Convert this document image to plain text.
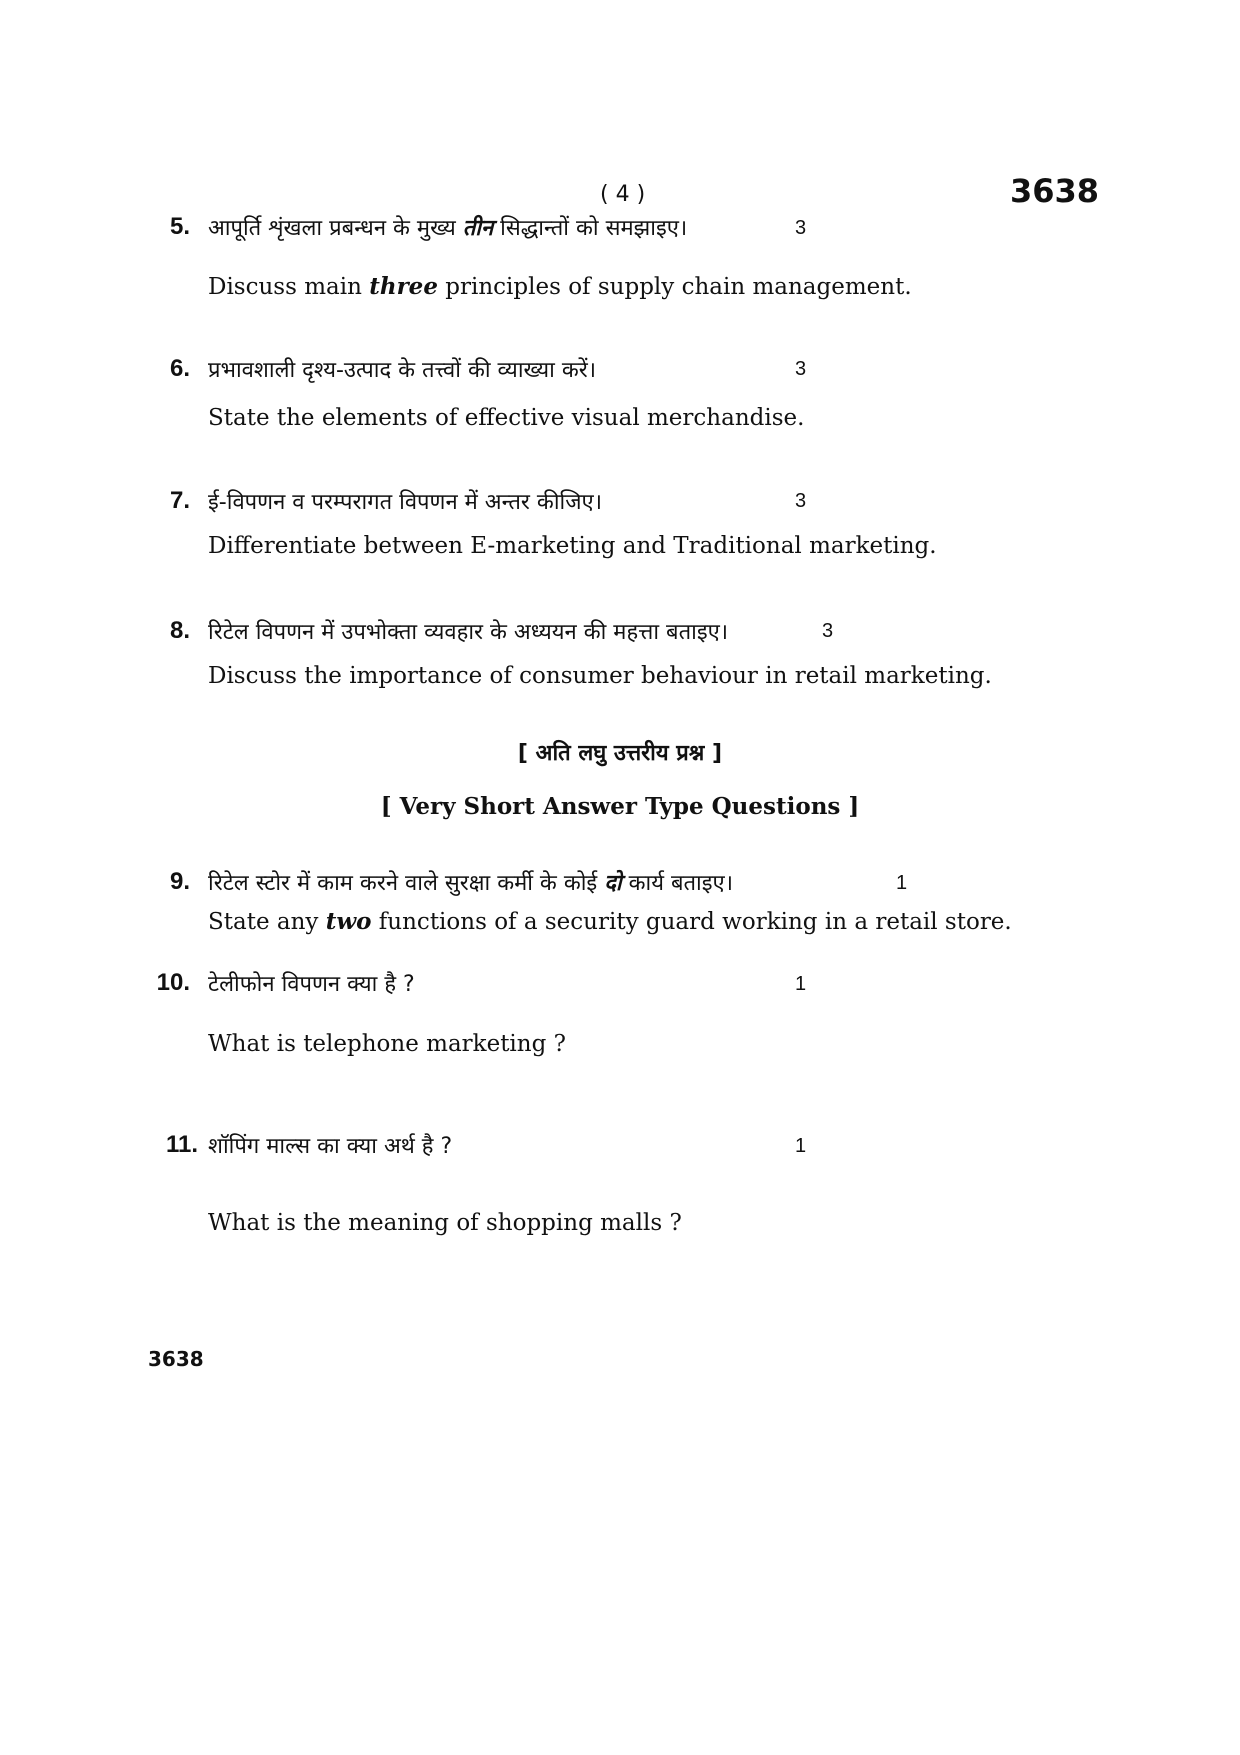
( 4 )	3638
5. आपूर्ति शृंखला प्रबन्धन के मुख्य तीन सिद्धान्तों को समझाइए।	3
Discuss main three principles of supply chain management.
6. प्रभावशाली दृश्य-उत्पाद के तत्त्वों की व्याख्या करें।	3
State the elements of effective visual merchandise.
7. ई-विपणन व परम्परागत विपणन में अन्तर कीजिए।	3
Differentiate between E-marketing and Traditional marketing.
8. रिटेल विपणन में उपभोक्ता व्यवहार के अध्ययन की महत्ता बताइए।	3
Discuss the importance of consumer behaviour in retail marketing.
[ अति लघु उत्तरीय प्रश्न ]
[ Very Short Answer Type Questions ]
9. रिटेल स्टोर में काम करने वाले सुरक्षा कर्मी के कोई दो कार्य बताइए।	1
State any two functions of a security guard working in a retail store.
10. टेलीफोन विपणन क्या है ?	1
What is telephone marketing ?
11. शॉपिंग माल्स का क्या अर्थ है ?	1
What is the meaning of shopping malls ?
3638
